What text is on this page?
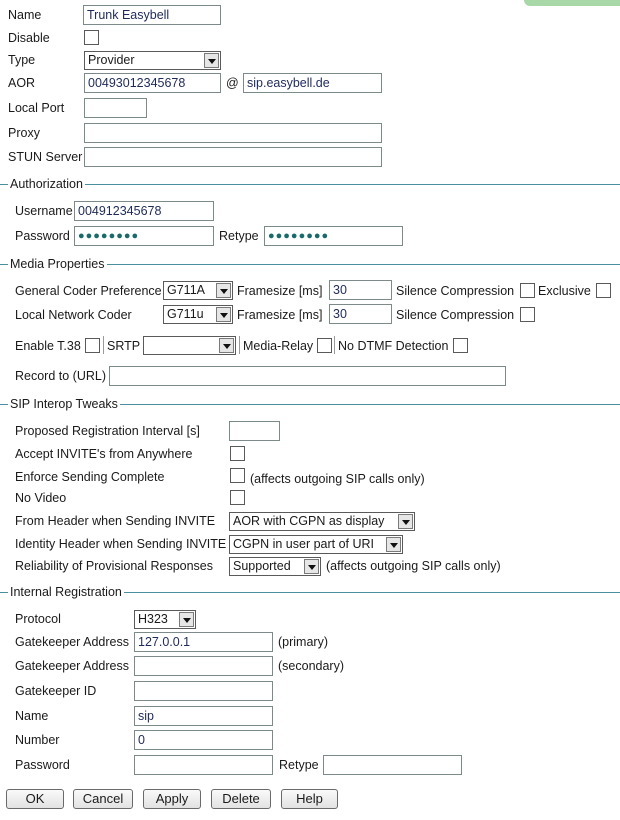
Name	Trunk Easybell
Disable
Type	Provider
AOR	00493012345678	@ sip.easybell.de
Local Port
Proxy
STUN Server
Authorization
Username 004912345678
Password ●●●●●●●●	Retype ●●●●●●●●
Media Properties
General Coder Preference G711A	Framesize [ms] 30	Silence Compression Exclusive
Local Network Coder	G711u	Framesize [ms] 30	Silence Compression
Enable T.38 SRTP	Media-Relay No DTMF Detection
Record to (URL)
SIP Interop Tweaks
Proposed Registration Interval [s]
Accept INVITE's from Anywhere
Enforce Sending Complete	(affects outgoing SIP calls only)
No Video
From Header when Sending INVITE AOR with CGPN as display
Identity Header when Sending INVITE CGPN in user part of URI
Reliability of Provisional Responses Supported	(affects outgoing SIP calls only)
Internal Registration
Protocol	H323
Gatekeeper Address 127.0.0.1	(primary)
Gatekeeper Address	(secondary)
Gatekeeper ID
Name	sip
Number	0
Password	Retype
OK	Cancel	Apply	Delete	Help
